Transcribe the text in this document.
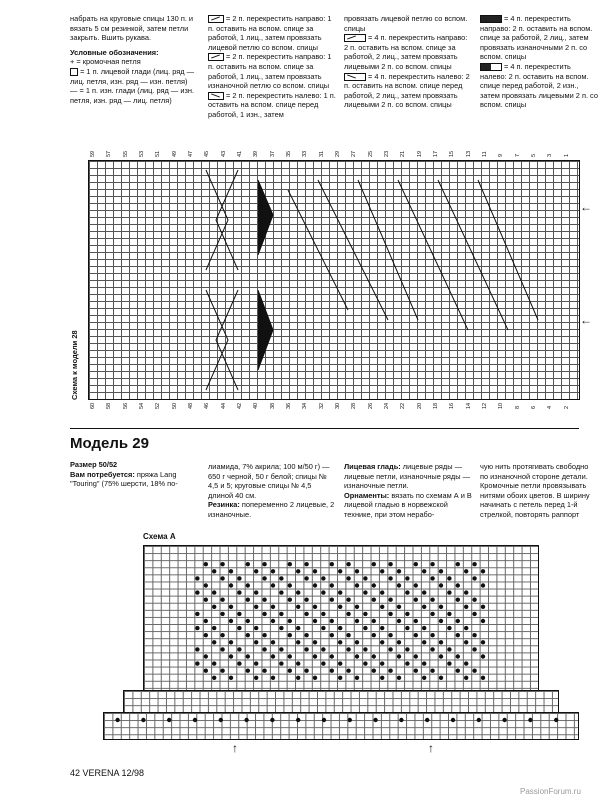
набрать на круговые спицы 130 п. и вязать 5 см резинкой, затем петли закрыть. Вшить рукава.

Условные обозначения:

+ = кромочная петля

= 1 п. лицевой глади (лиц. ряд — лиц. петля, изн. ряд — изн. петля)

— = 1 п. изн. глади (лиц. ряд — изн. петля, изн. ряд — лиц. петля)

= 2 п. перекрестить направо: 1 п. оставить на вспом. спице за работой, 1 лиц., затем провязать лицевой петлю со вспом. спицы

= 2 п. перекрестить направо: 1 п. оставить на вспом. спице за работой, 1 лиц., затем провязать изнаночной петлю со вспом. спицы

= 2 п. перекрестить налево: 1 п. оставить на вспом. спице перед работой, 1 изн., затем

провязать лицевой петлю со вспом. спицы

= 4 п. перекрестить направо: 2 п. оставить на вспом. спице за работой, 2 лиц., затем провязать лицевыми 2 п. со вспом. спицы

= 4 п. перекрестить налево: 2 п. оставить на вспом. спице перед работой, 2 лиц., затем провязать лицевыми 2 п. со вспом. спицы

= 4 п. перекрестить направо: 2 п. оставить на вспом. спице за работой, 2 лиц., затем провязать изнаночными 2 п. со вспом. спицы

= 4 п. перекрестить налево: 2 п. оставить на вспом. спице перед работой, 2 изн., затем провязать лицевыми 2 п. со вспом. спицы

59 57 55 53 51 49 47 45 43 41 39 37 35 33 31 29 27 25 23 21 19 17 15 13 11 9 7 5 3 1
←
←
Схема к модели 28
60 58 56 54 52 50 48 46 44 42 40 38 36 34 32 30 28 26 24 22 20 18 16 14 12 10 8 6 4 2
Модель 29

Размер 50/52

Вам потребуется: пряжа Lang "Touring" (75% шерсти, 18% по-

лиамида, 7% акрила; 100 м/50 г) — 650 г черной, 50 г белой; спицы № 4,5 и 5; круговые спицы № 4,5 длиной 40 см.

Резинка: попеременно 2 лицевые, 2 изнаночные.

Лицевая гладь: лицевые ряды — лицевые петли, изнаночные ряды — изнаночные петли.

Орнаменты: вязать по схемам А и В лицевой гладью в норвежской технике, при этом нерабо-

чую нить протягивать свободно по изнаночной стороне детали. Кромочные петли провязывать нитями обоих цветов. В ширину начинать с петель перед 1-й стрелкой, повторять раппорт

Схема А
↑	↑
42 VERENA 12/98
PassionForum.ru
